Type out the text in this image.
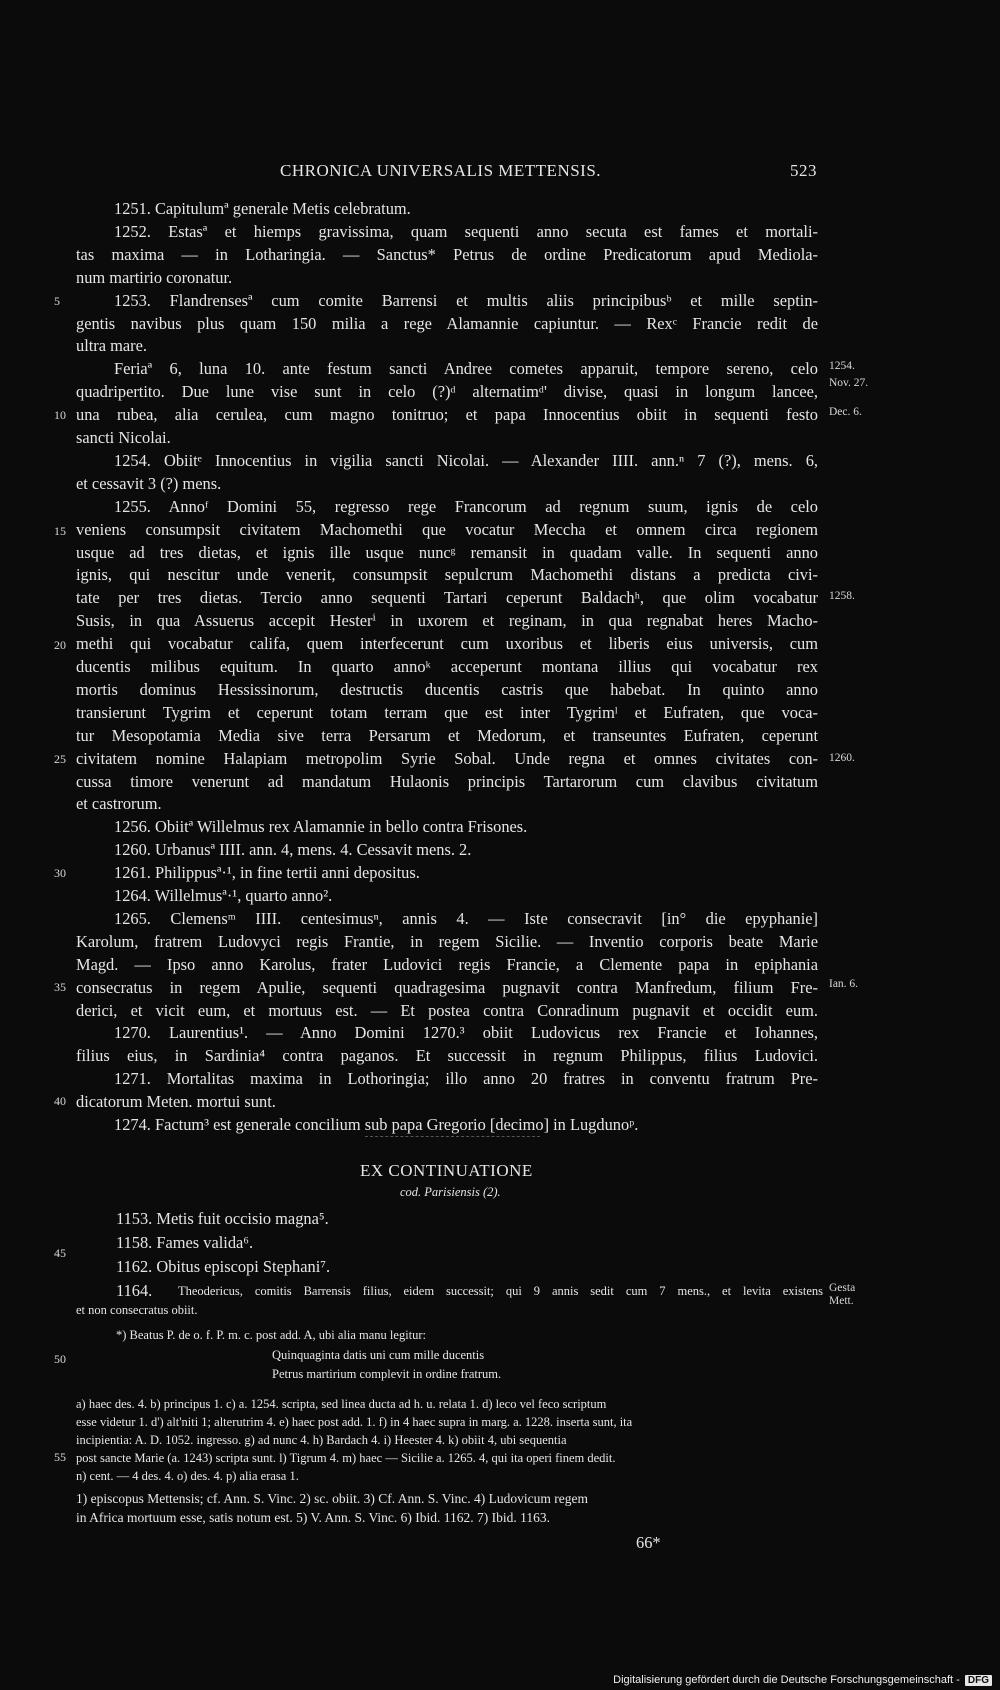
CHRONICA UNIVERSALIS METTENSIS.	523
1251. Capitulumª generale Metis celebratum.
1252. Estasª et hiemps gravissima, quam sequenti anno secuta est fames et mortali-
tas maxima — in Lotharingia. — Sanctus* Petrus de ordine Predicatorum apud Mediola-
num martirio coronatur.
1253. Flandrensesª cum comite Barrensi et multis aliis principibusᵇ et mille septin-
gentis navibus plus quam 150 milia a rege Alamannie capiuntur. — Rexᶜ Francie redit de
ultra mare.
Feriaª 6, luna 10. ante festum sancti Andree cometes apparuit, tempore sereno, celo
quadripertito. Due lune vise sunt in celo (?)ᵈ alternatimᵈ' divise, quasi in longum lancee,
una rubea, alia cerulea, cum magno tonitruo; et papa Innocentius obiit in sequenti festo
sancti Nicolai.
1254. Obiitᵉ Innocentius in vigilia sancti Nicolai. — Alexander IIII. ann.ⁿ 7 (?), mens. 6,
et cessavit 3 (?) mens.
1255. Annoᶠ Domini 55, regresso rege Francorum ad regnum suum, ignis de celo
veniens consumpsit civitatem Machomethi que vocatur Meccha et omnem circa regionem
usque ad tres dietas, et ignis ille usque nuncᵍ remansit in quadam valle. In sequenti anno
ignis, qui nescitur unde venerit, consumpsit sepulcrum Machomethi distans a predicta civi-
tate per tres dietas. Tercio anno sequenti Tartari ceperunt Baldachʰ, que olim vocabatur
Susis, in qua Assuerus accepit Hesterⁱ in uxorem et reginam, in qua regnabat heres Macho-
methi qui vocabatur califa, quem interfecerunt cum uxoribus et liberis eius universis, cum
ducentis milibus equitum. In quarto annoᵏ acceperunt montana illius qui vocabatur rex
mortis dominus Hessissinorum, destructis ducentis castris que habebat. In quinto anno
transierunt Tygrim et ceperunt totam terram que est inter Tygrimˡ et Eufraten, que voca-
tur Mesopotamia Media sive terra Persarum et Medorum, et transeuntes Eufraten, ceperunt
civitatem nomine Halapiam metropolim Syrie Sobal. Unde regna et omnes civitates con-
cussa timore venerunt ad mandatum Hulaonis principis Tartarorum cum clavibus civitatum
et castrorum.
1256. Obiitª Willelmus rex Alamannie in bello contra Frisones.
1260. Urbanusª IIII. ann. 4, mens. 4. Cessavit mens. 2.
1261. Philippusª·¹, in fine tertii anni depositus.
1264. Willelmusª·¹, quarto anno².
1265. Clemensᵐ IIII. centesimusⁿ, annis 4. — Iste consecravit [in° die epyphanie]
Karolum, fratrem Ludovyci regis Frantie, in regem Sicilie. — Inventio corporis beate Marie
Magd. — Ipso anno Karolus, frater Ludovici regis Francie, a Clemente papa in epiphania
consecratus in regem Apulie, sequenti quadragesima pugnavit contra Manfredum, filium Fre-
derici, et vicit eum, et mortuus est. — Et postea contra Conradinum pugnavit et occidit eum.
1270. Laurentius¹. — Anno Domini 1270.³ obiit Ludovicus rex Francie et Iohannes,
filius eius, in Sardinia⁴ contra paganos. Et successit in regnum Philippus, filius Ludovici.
1271. Mortalitas maxima in Lothoringia; illo anno 20 fratres in conventu fratrum Pre-
dicatorum Meten. mortui sunt.
1274. Factum³ est generale concilium sub papa Gregorio [decimo] in Lugdunoᵖ.
5
10
15
20
25
30
35
40
45
50
55
1254.
Nov. 27.
Dec. 6.
1258.
1260.
Ian. 6.
Gesta
Mett.
EX CONTINUATIONE
cod. Parisiensis (2).
1153. Metis fuit occisio magna⁵.
1158. Fames valida⁶.
1162. Obitus episcopi Stephani⁷.
1164. Theodericus, comitis Barrensis filius, eidem successit; qui 9 annis sedit cum 7 mens., et levita existens
et non consecratus obiit.
*) Beatus P. de o. f. P. m. c. post add. A, ubi alia manu legitur:
Quinquaginta datis uni cum mille ducentis
Petrus martirium complevit in ordine fratrum.
a) haec des. 4. b) principus 1. c) a. 1254. scripta, sed linea ducta ad h. u. relata 1. d) leco vel feco scriptum
esse videtur 1. d') alt'niti 1; alterutrim 4. e) haec post add. 1. f) in 4 haec supra in marg. a. 1228. inserta sunt, ita
incipientia: A. D. 1052. ingresso. g) ad nunc 4. h) Bardach 4. i) Heester 4. k) obiit 4, ubi sequentia
post sancte Marie (a. 1243) scripta sunt. l) Tigrum 4. m) haec — Sicilie a. 1265. 4, qui ita operi finem dedit.
n) cent. — 4 des. 4. o) des. 4. p) alia erasa 1.
1) episcopus Mettensis; cf. Ann. S. Vinc. 2) sc. obiit. 3) Cf. Ann. S. Vinc. 4) Ludovicum regem
in Africa mortuum esse, satis notum est. 5) V. Ann. S. Vinc. 6) Ibid. 1162. 7) Ibid. 1163.
66*
Digitalisierung gefördert durch die Deutsche Forschungsgemeinschaft - DFG
